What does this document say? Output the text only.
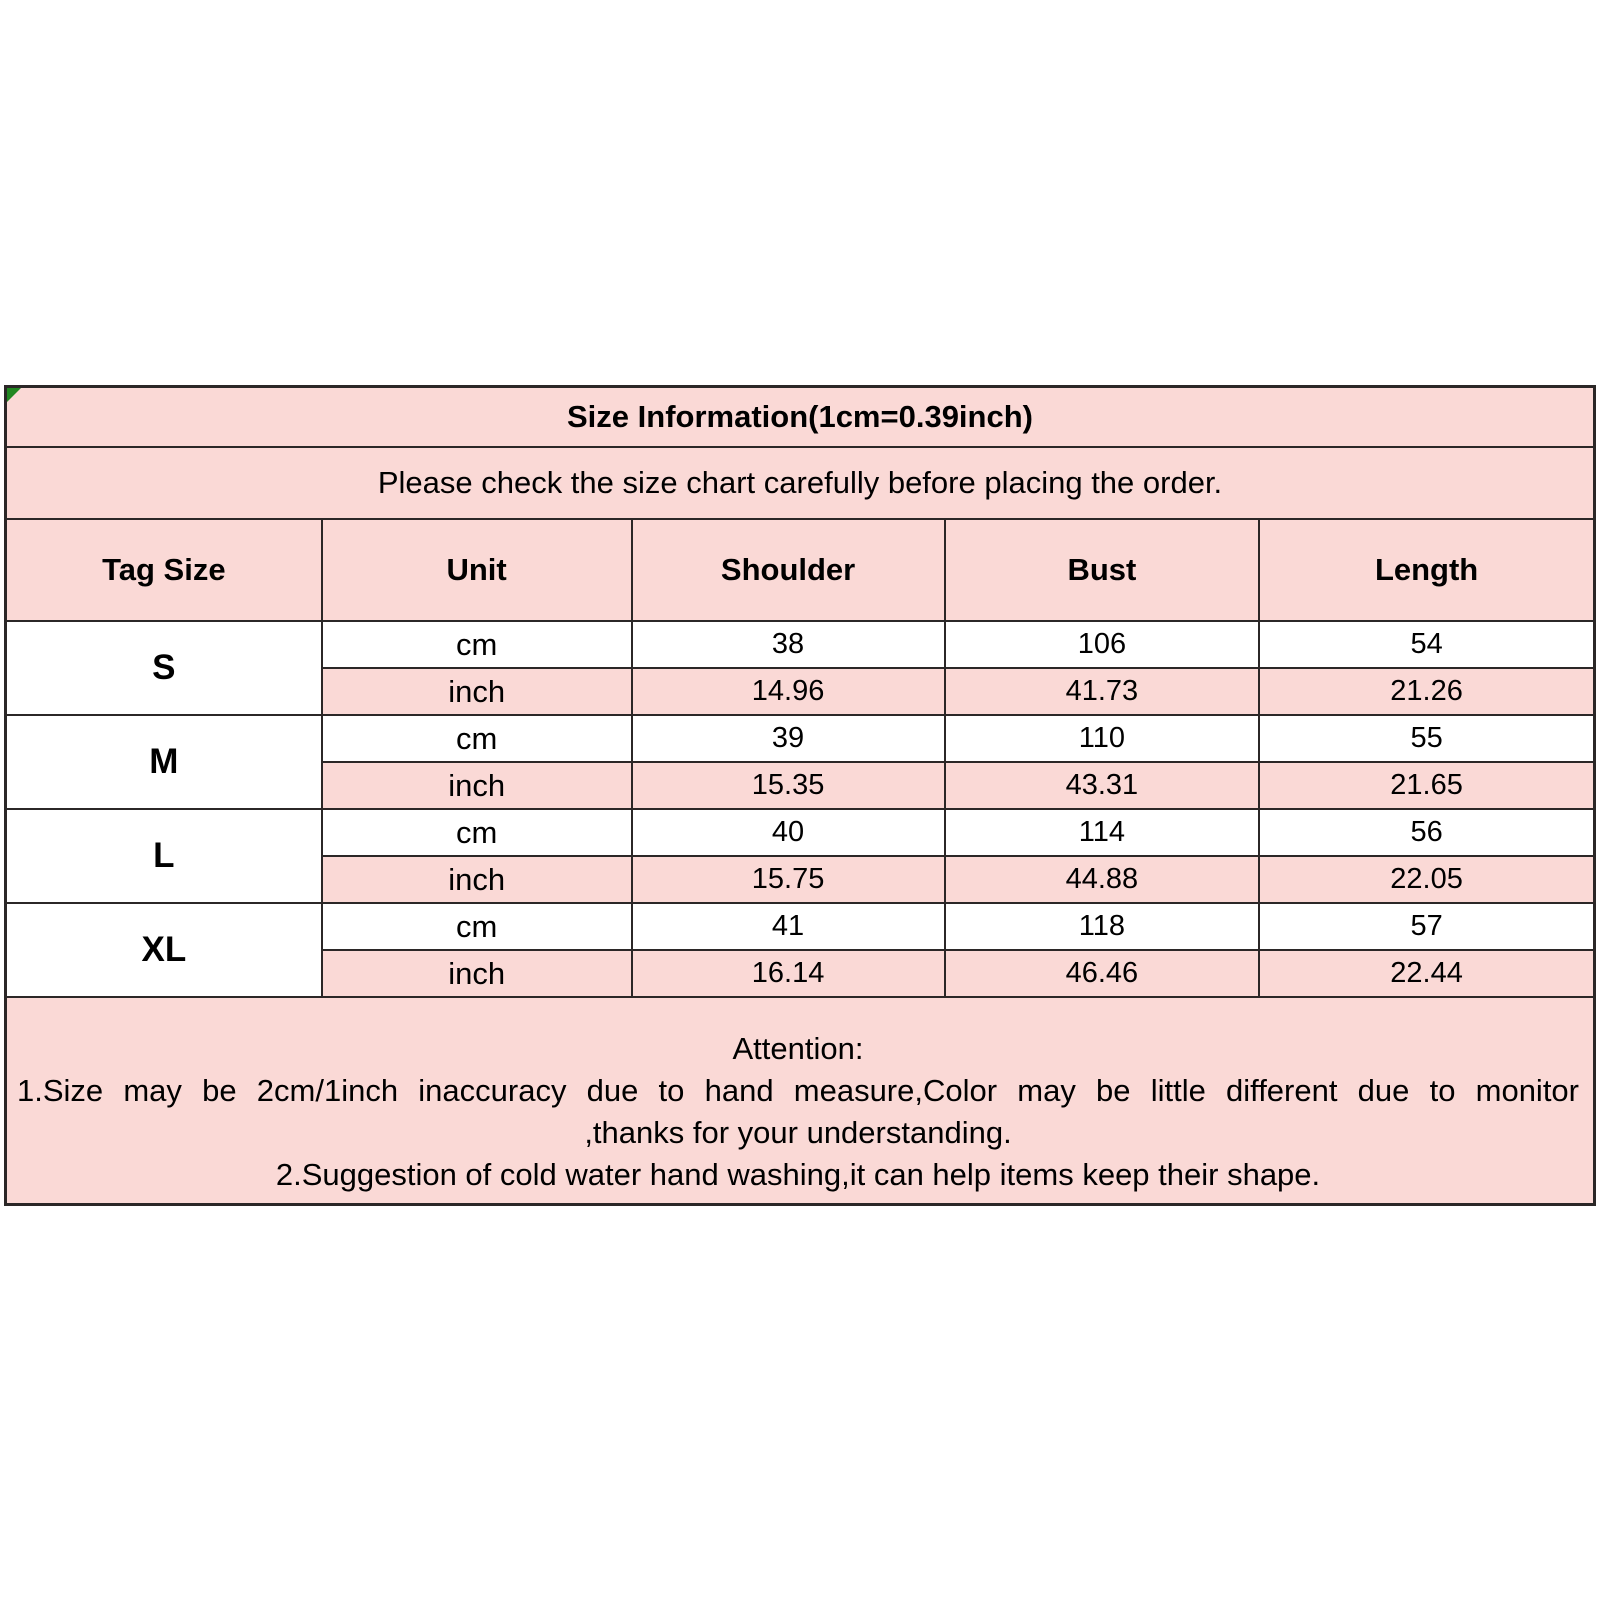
Size Information(1cm=0.39inch)				
Please check the size chart carefully before placing the order.				
Tag Size	Unit	Shoulder	Bust	Length
S	cm	38	106	54
	inch	14.96	41.73	21.26
M	cm	39	110	55
	inch	15.35	43.31	21.65
L	cm	40	114	56
	inch	15.75	44.88	22.05
XL	cm	41	118	57
	inch	16.14	46.46	22.44

Attention:
1.Size may be 2cm/1inch inaccuracy due to hand measure,Color may be little different due to monitor
,thanks for your understanding.
2.Suggestion of cold water hand washing,it can help items keep their shape.				
